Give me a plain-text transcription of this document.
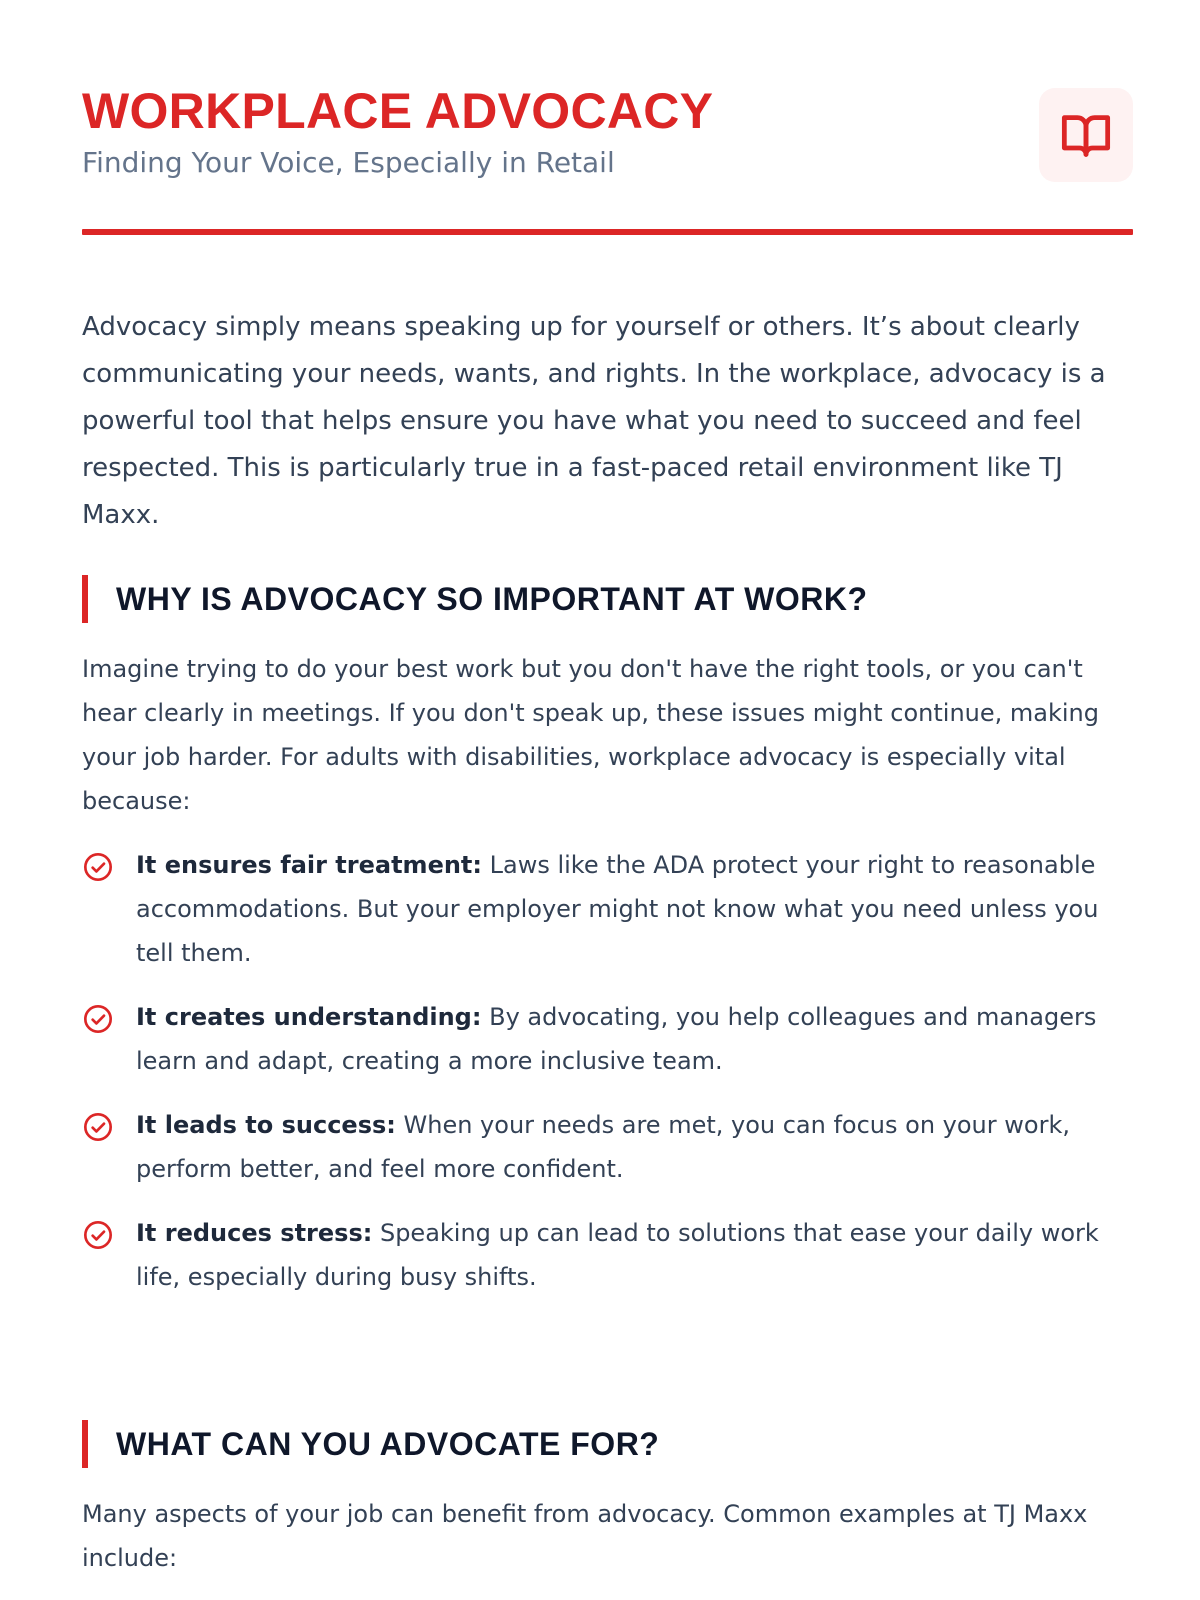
WORKPLACE ADVOCACY

Finding Your Voice, Especially in Retail

Advocacy simply means speaking up for yourself or others. It’s about clearly communicating your needs, wants, and rights. In the workplace, advocacy is a powerful tool that helps ensure you have what you need to succeed and feel respected. This is particularly true in a fast-paced retail environment like TJ Maxx.

WHY IS ADVOCACY SO IMPORTANT AT WORK?

Imagine trying to do your best work but you don't have the right tools, or you can't hear clearly in meetings. If you don't speak up, these issues might continue, making your job harder. For adults with disabilities, workplace advocacy is especially vital because:

It ensures fair treatment: Laws like the ADA protect your right to reasonable accommodations. But your employer might not know what you need unless you tell them.
It creates understanding: By advocating, you help colleagues and managers learn and adapt, creating a more inclusive team.
It leads to success: When your needs are met, you can focus on your work, perform better, and feel more confident.
It reduces stress: Speaking up can lead to solutions that ease your daily work life, especially during busy shifts.
WHAT CAN YOU ADVOCATE FOR?

Many aspects of your job can benefit from advocacy. Common examples at TJ Maxx include:
